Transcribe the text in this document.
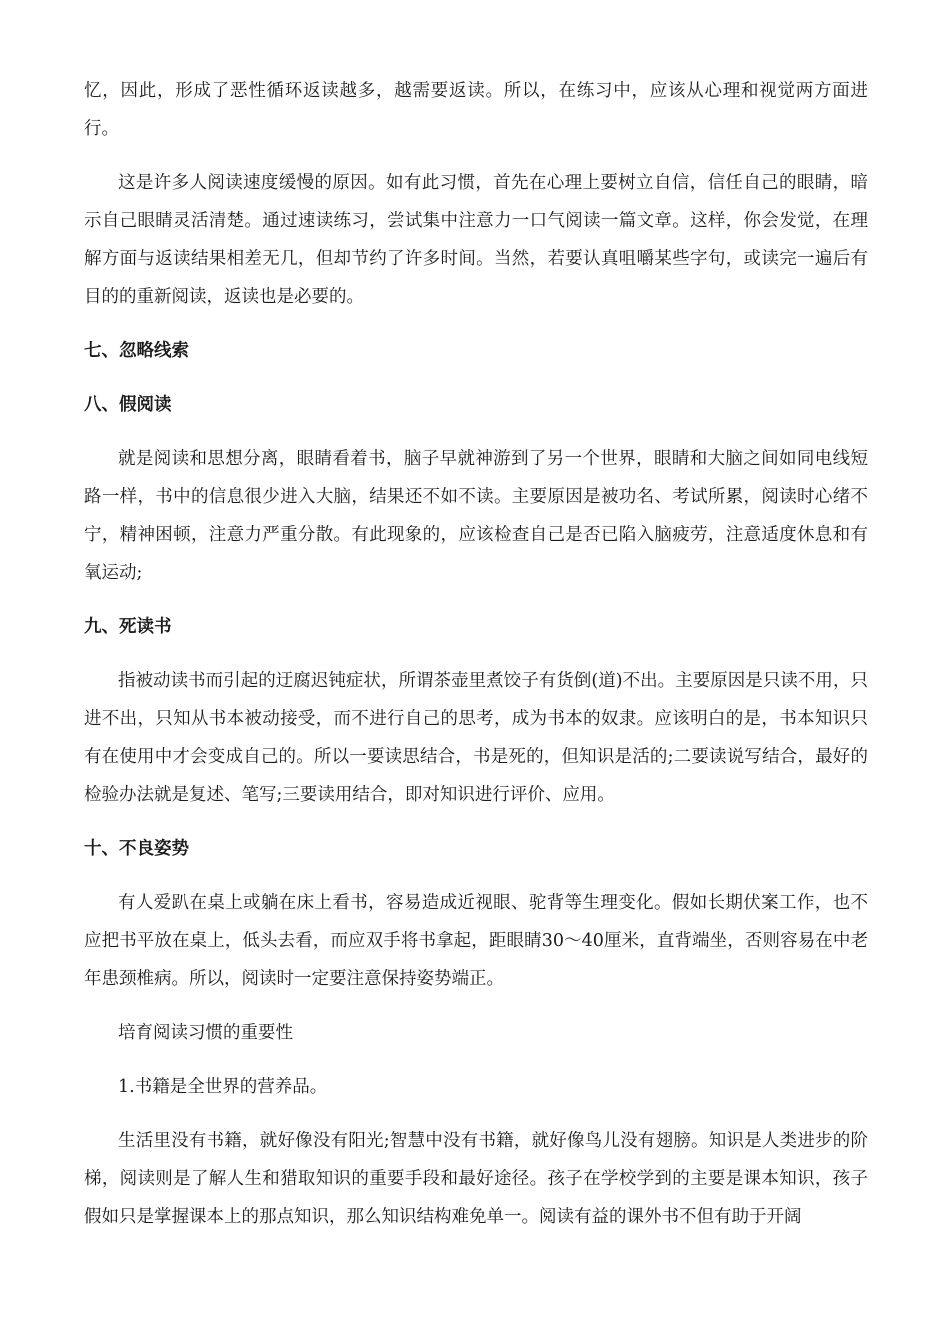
忆，因此，形成了恶性循环返读越多，越需要返读。所以，在练习中，应该从心理和视觉两方面进行。

这是许多人阅读速度缓慢的原因。如有此习惯，首先在心理上要树立自信，信任自己的眼睛，暗示自己眼睛灵活清楚。通过速读练习，尝试集中注意力一口气阅读一篇文章。这样，你会发觉，在理解方面与返读结果相差无几，但却节约了许多时间。当然，若要认真咀嚼某些字句，或读完一遍后有目的的重新阅读，返读也是必要的。

七、忽略线索
八、假阅读

就是阅读和思想分离，眼睛看着书，脑子早就神游到了另一个世界，眼睛和大脑之间如同电线短路一样，书中的信息很少进入大脑，结果还不如不读。主要原因是被功名、考试所累，阅读时心绪不宁，精神困顿，注意力严重分散。有此现象的，应该检查自己是否已陷入脑疲劳，注意适度休息和有氧运动;

九、死读书

指被动读书而引起的迂腐迟钝症状，所谓茶壶里煮饺子有货倒(道)不出。主要原因是只读不用，只进不出，只知从书本被动接受，而不进行自己的思考，成为书本的奴隶。应该明白的是，书本知识只有在使用中才会变成自己的。所以一要读思结合，书是死的，但知识是活的;二要读说写结合，最好的检验办法就是复述、笔写;三要读用结合，即对知识进行评价、应用。

十、不良姿势

有人爱趴在桌上或躺在床上看书，容易造成近视眼、驼背等生理变化。假如长期伏案工作，也不应把书平放在桌上，低头去看，而应双手将书拿起，距眼睛30～40厘米，直背端坐，否则容易在中老年患颈椎病。所以，阅读时一定要注意保持姿势端正。

培育阅读习惯的重要性

1.书籍是全世界的营养品。

生活里没有书籍，就好像没有阳光;智慧中没有书籍，就好像鸟儿没有翅膀。知识是人类进步的阶梯，阅读则是了解人生和猎取知识的重要手段和最好途径。孩子在学校学到的主要是课本知识，孩子假如只是掌握课本上的那点知识，那么知识结构难免单一。阅读有益的课外书不但有助于开阔
